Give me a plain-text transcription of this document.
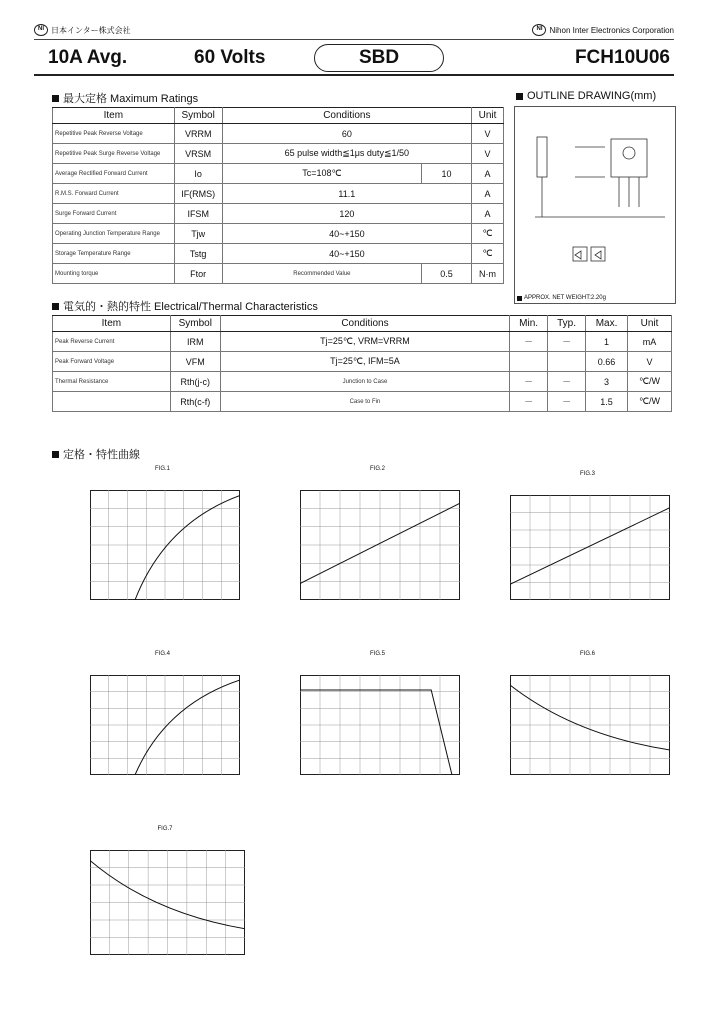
NI 日本インター株式会社	NI Nihon Inter Electronics Corporation
10A Avg.	60 Volts	SBD	FCH10U06
最大定格 Maximum Ratings
Item	Symbol	Conditions		Unit
Repetitive Peak Reverse Voltage	VRRM	60		V
Repetitive Peak Surge Reverse Voltage	VRSM	65 pulse width≦1μs duty≦1/50		V
Average Rectified Forward Current	Io	Tc=108℃	10	A
R.M.S. Forward Current	IF(RMS)	11.1		A
Surge Forward Current	IFSM	120		A
Operating Junction Temperature Range	Tjw	40~+150		℃
Storage Temperature Range	Tstg	40~+150		℃
Mounting torque	Ftor	Recommended Value	0.5	N·m
OUTLINE DRAWING(mm)
APPROX. NET WEIGHT:2.20g
電気的・熱的特性 Electrical/Thermal Characteristics
Item	Symbol	Conditions	Min.	Typ.	Max.	Unit
Peak Reverse Current	IRM	Tj=25℃, VRM=VRRM	－	－	1	mA
Peak Forward Voltage	VFM	Tj=25℃, IFM=5A			0.66	V
Thermal Resistance	Rth(j-c)	Junction to Case	－	－	3	℃/W
	Rth(c-f)	Case to Fin	－	－	1.5	℃/W
定格・特性曲線
FIG.1	FIG.2
FIG.3
FIG.4	FIG.5	FIG.6
FIG.7
